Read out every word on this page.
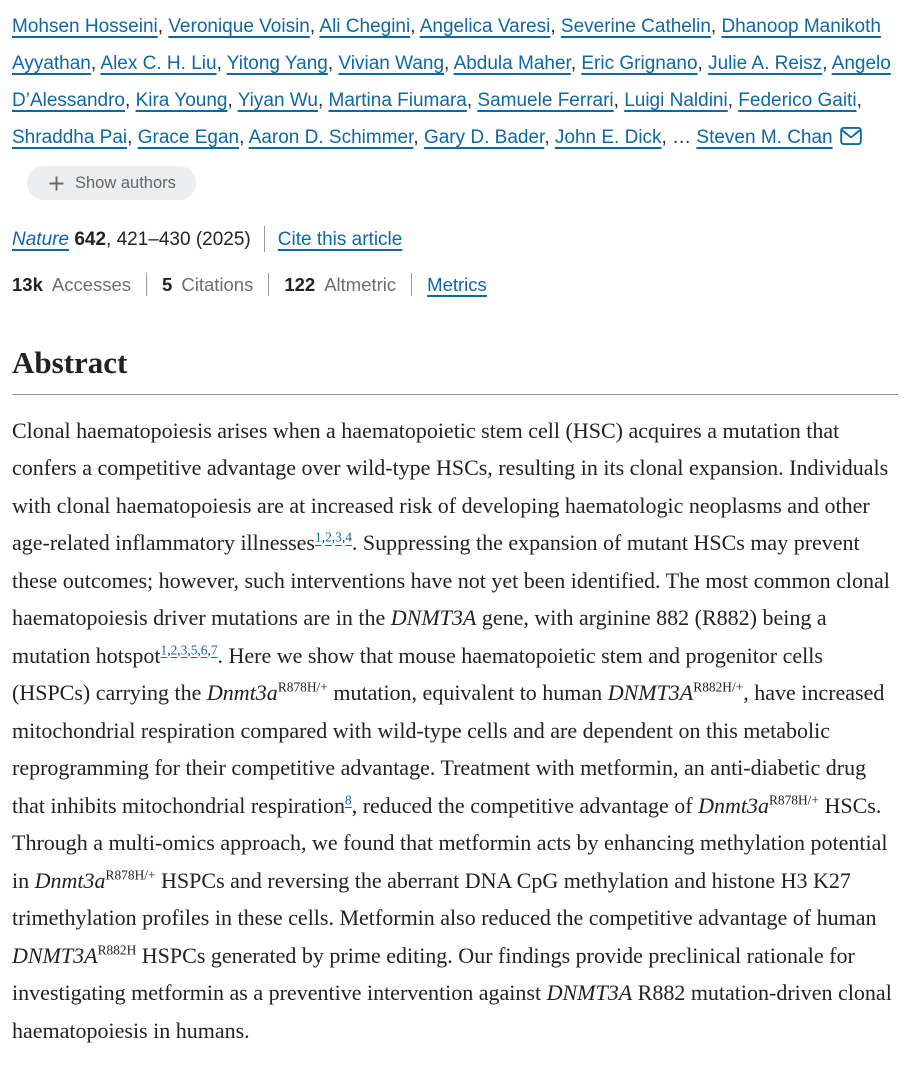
Mohsen Hosseini, Veronique Voisin, Ali Chegini, Angelica Varesi, Severine Cathelin, Dhanoop Manikoth Ayyathan, Alex C. H. Liu, Yitong Yang, Vivian Wang, Abdula Maher, Eric Grignano, Julie A. Reisz, Angelo D’Alessandro, Kira Young, Yiyan Wu, Martina Fiumara, Samuele Ferrari, Luigi Naldini, Federico Gaiti, Shraddha Pai, Grace Egan, Aaron D. Schimmer, Gary D. Bader, John E. Dick, … Steven M. Chan

Show authors
Nature 642, 421–430 (2025) Cite this article
13k Accesses 5 Citations 122 Altmetric Metrics
Abstract

Clonal haematopoiesis arises when a haematopoietic stem cell (HSC) acquires a mutation that confers a competitive advantage over wild-type HSCs, resulting in its clonal expansion. Individuals with clonal haematopoiesis are at increased risk of developing haematologic neoplasms and other age-related inflammatory illnesses$^{1,2,3,4}$. Suppressing the expansion of mutant HSCs may prevent these outcomes; however, such interventions have not yet been identified. The most common clonal haematopoiesis driver mutations are in the DNMT3A gene, with arginine 882 (R882) being a mutation hotspot$^{1,2,3,5,6,7}$. Here we show that mouse haematopoietic stem and progenitor cells (HSPCs) carrying the $Dnmt3a^{R878H/+}$ mutation, equivalent to human $DNMT3A^{R882H/+}$, have increased mitochondrial respiration compared with wild-type cells and are dependent on this metabolic reprogramming for their competitive advantage. Treatment with metformin, an anti-diabetic drug that inhibits mitochondrial respiration$^8$, reduced the competitive advantage of $Dnmt3a^{R878H/+}$ HSCs. Through a multi-omics approach, we found that metformin acts by enhancing methylation potential in $Dnmt3a^{R878H/+}$ HSPCs and reversing the aberrant DNA CpG methylation and histone H3 K27 trimethylation profiles in these cells. Metformin also reduced the competitive advantage of human $DNMT3A^{R882H}$ HSPCs generated by prime editing. Our findings provide preclinical rationale for investigating metformin as a preventive intervention against DNMT3A R882 mutation-driven clonal haematopoiesis in humans.
